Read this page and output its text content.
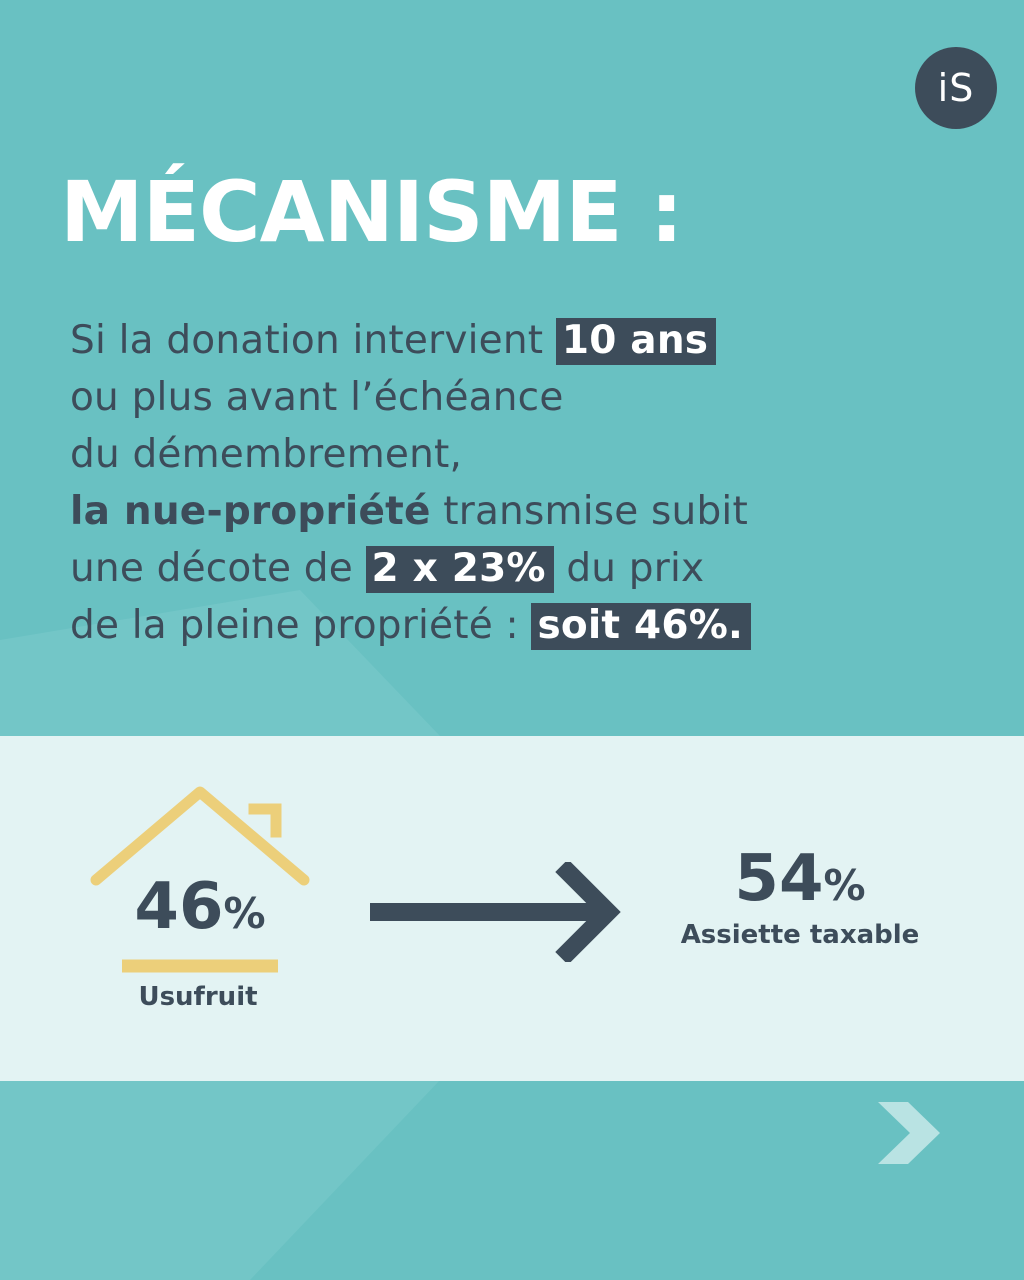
iS
MÉCANISME :

Si la donation intervient 10 ans
ou plus avant l’échéance
du démembrement,
la nue-propriété transmise subit
une décote de 2 x 23% du prix
de la pleine propriété : soit 46%.

46%
Usufruit
54%
Assiette taxable
